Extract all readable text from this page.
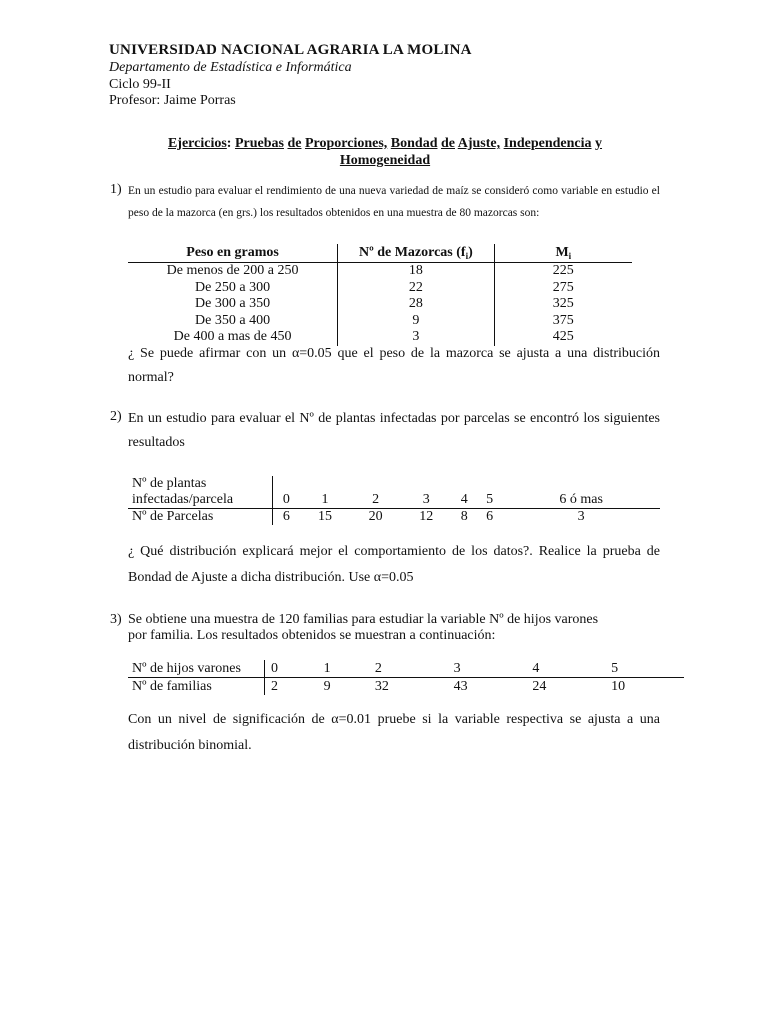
UNIVERSIDAD NACIONAL AGRARIA LA MOLINA
Departamento de Estadística e Informática
Ciclo 99-II
Profesor: Jaime Porras
Ejercicios: Pruebas de Proporciones, Bondad de Ajuste, Independencia y
Homogeneidad
1) En un estudio para evaluar el rendimiento de una nueva variedad de maíz se consideró como variable en estudio el peso de la mazorca (en grs.) los resultados obtenidos en una muestra de 80 mazorcas son:
Peso en gramos	Nº de Mazorcas $(f_i)$	$M_i$
De menos de 200 a 250	18	225
De 250 a 300	22	275
De 300 a 350	28	325
De 350 a 400	9	375
De 400 a mas de 450	3	425
¿ Se puede afirmar con un α=0.05 que el peso de la mazorca se ajusta a una distribución normal?
2) En un estudio para evaluar el Nº de plantas infectadas por parcelas se encontró los siguientes resultados
Nº de plantas
infectadas/parcela	0	1	2	3	4	5	6 ó mas
Nº de Parcelas	6	15	20	12	8	6	3
¿ Qué distribución explicará mejor el comportamiento de los datos?. Realice la prueba de Bondad de Ajuste a dicha distribución. Use α=0.05
3) Se obtiene una muestra de 120 familias para estudiar la variable Nº de hijos varones
por familia. Los resultados obtenidos se muestran a continuación:
Nº de hijos varones	0	1	2	3	4	5
Nº de familias	2	9	32	43	24	10
Con un nivel de significación de α=0.01 pruebe si la variable respectiva se ajusta a una distribución binomial.
